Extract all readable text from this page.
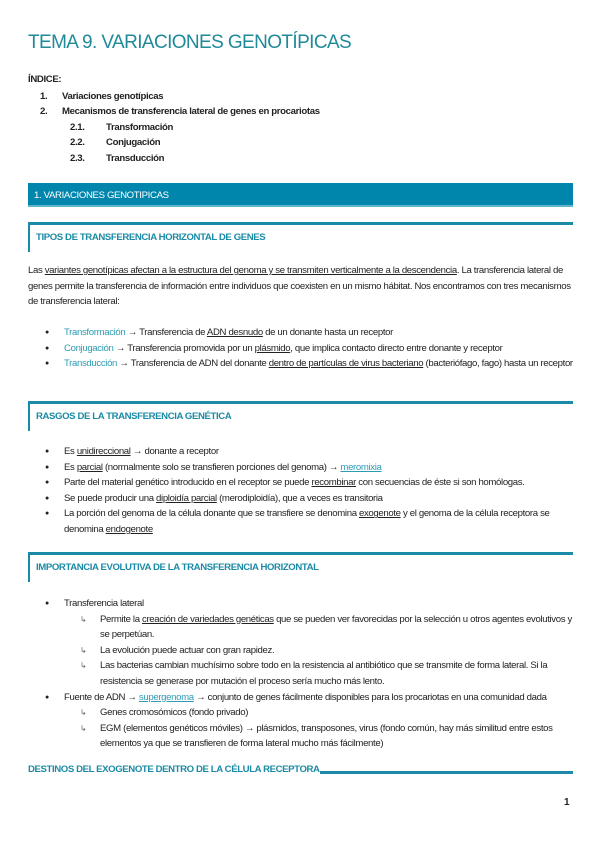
TEMA 9. VARIACIONES GENOTÍPICAS
ÍNDICE:
1.	Variaciones genotípicas
2.	Mecanismos de transferencia lateral de genes en procariotas
2.1.	Transformación
2.2.	Conjugación
2.3.	Transducción
1. VARIACIONES GENOTIPICAS
TIPOS DE TRANSFERENCIA HORIZONTAL DE GENES
Las variantes genotípicas afectan a la estructura del genoma y se transmiten verticalmente a la descendencia. La transferencia lateral de genes permite la transferencia de información entre individuos que coexisten en un mismo hábitat. Nos encontramos con tres mecanismos de transferencia lateral:
● Transformación → Transferencia de ADN desnudo de un donante hasta un receptor
● Conjugación → Transferencia promovida por un plásmido, que implica contacto directo entre donante y receptor
● Transducción → Transferencia de ADN del donante dentro de partículas de virus bacteriano (bacteriófago, fago) hasta un receptor
RASGOS DE LA TRANSFERENCIA GENÉTICA
● Es unidireccional → donante a receptor
● Es parcial (normalmente solo se transfieren porciones del genoma) → meromixia
● Parte del material genético introducido en el receptor se puede recombinar con secuencias de éste si son homólogas.
● Se puede producir una diploidía parcial (merodiploidía), que a veces es transitoria
● La porción del genoma de la célula donante que se transfiere se denomina exogenote y el genoma de la célula receptora se denomina endogenote
IMPORTANCIA EVOLUTIVA DE LA TRANSFERENCIA HORIZONTAL
● Transferencia lateral
↳ Permite la creación de variedades genéticas que se pueden ver favorecidas por la selección u otros agentes evolutivos y se perpetúan.
↳ La evolución puede actuar con gran rapidez.
↳ Las bacterias cambian muchísimo sobre todo en la resistencia al antibiótico que se transmite de forma lateral. Si la resistencia se generase por mutación el proceso sería mucho más lento.
● Fuente de ADN → supergenoma → conjunto de genes fácilmente disponibles para los procariotas en una comunidad dada
↳ Genes cromosómicos (fondo privado)
↳ EGM (elementos genéticos móviles) → plásmidos, transposones, virus (fondo común, hay más similitud entre estos elementos ya que se transfieren de forma lateral mucho más fácilmente)
DESTINOS DEL EXOGENOTE DENTRO DE LA CÉLULA RECEPTORA
1
